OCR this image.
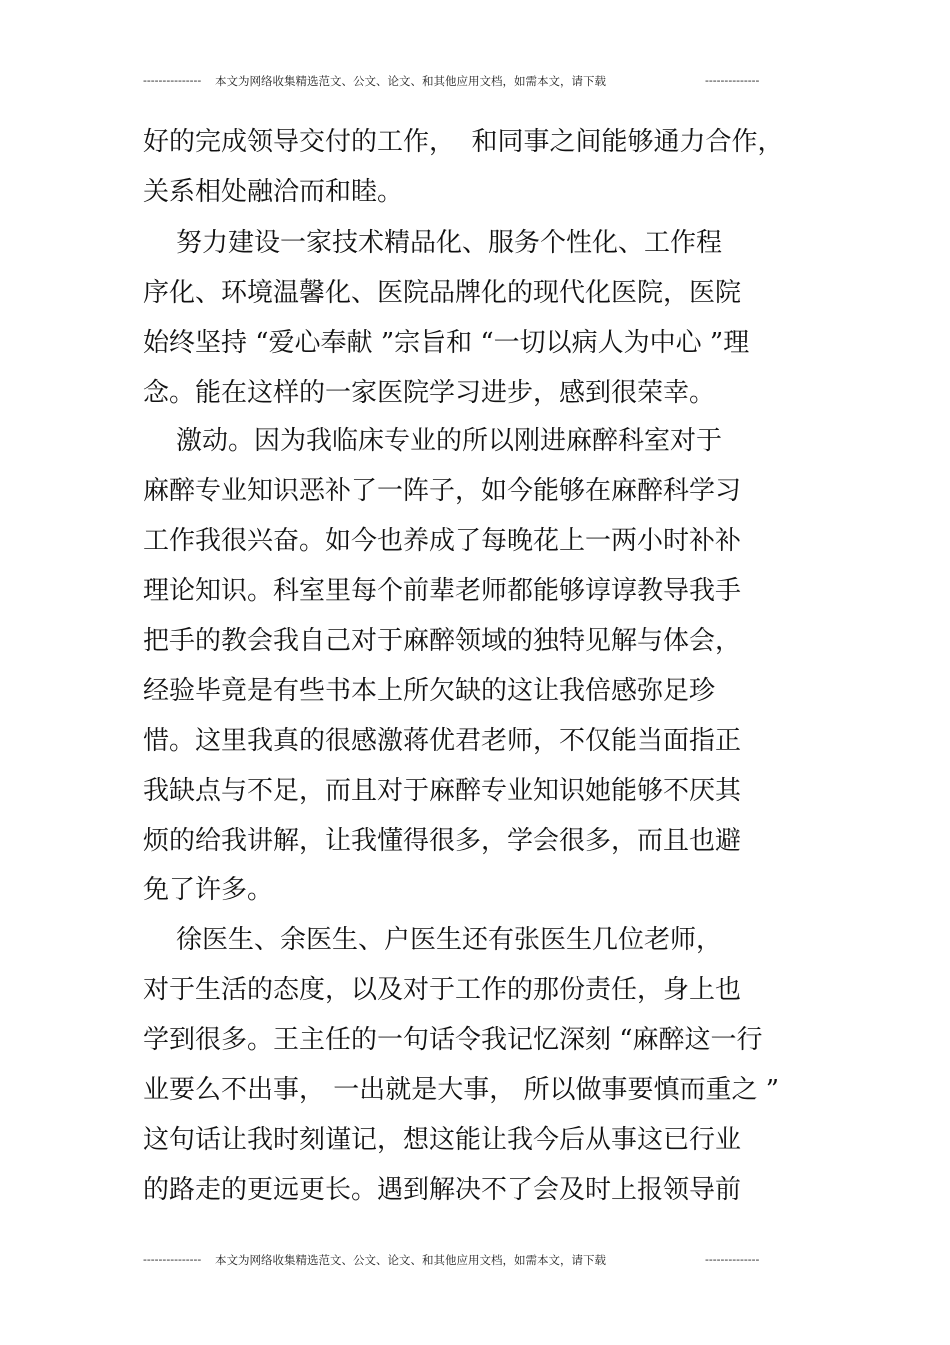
--------------- 本文为网络收集精选范文、公文、论文、和其他应用文档，如需本文，请下载	--------------
好的完成领导交付的工作，  和同事之间能够通力合作，
关系相处融洽而和睦。
努力建设一家技术精品化、服务个性化、工作程
序化、环境温馨化、医院品牌化的现代化医院，医院
始终坚持 “爱心奉献 ”宗旨和 “一切以病人为中心 ”理
念。能在这样的一家医院学习进步，感到很荣幸。
激动。因为我临床专业的所以刚进麻醉科室对于
麻醉专业知识恶补了一阵子，如今能够在麻醉科学习
工作我很兴奋。如今也养成了每晚花上一两小时补补
理论知识。科室里每个前辈老师都能够谆谆教导我手
把手的教会我自己对于麻醉领域的独特见解与体会，
经验毕竟是有些书本上所欠缺的这让我倍感弥足珍
惜。这里我真的很感激蒋优君老师，不仅能当面指正
我缺点与不足，而且对于麻醉专业知识她能够不厌其
烦的给我讲解，让我懂得很多，学会很多，而且也避
免了许多。
徐医生、余医生、户医生还有张医生几位老师，
对于生活的态度，以及对于工作的那份责任，身上也
学到很多。王主任的一句话令我记忆深刻 “麻醉这一行
业要么不出事， 一出就是大事， 所以做事要慎而重之 ”
这句话让我时刻谨记，想这能让我今后从事这已行业
的路走的更远更长。遇到解决不了会及时上报领导前
--------------- 本文为网络收集精选范文、公文、论文、和其他应用文档，如需本文，请下载	--------------
